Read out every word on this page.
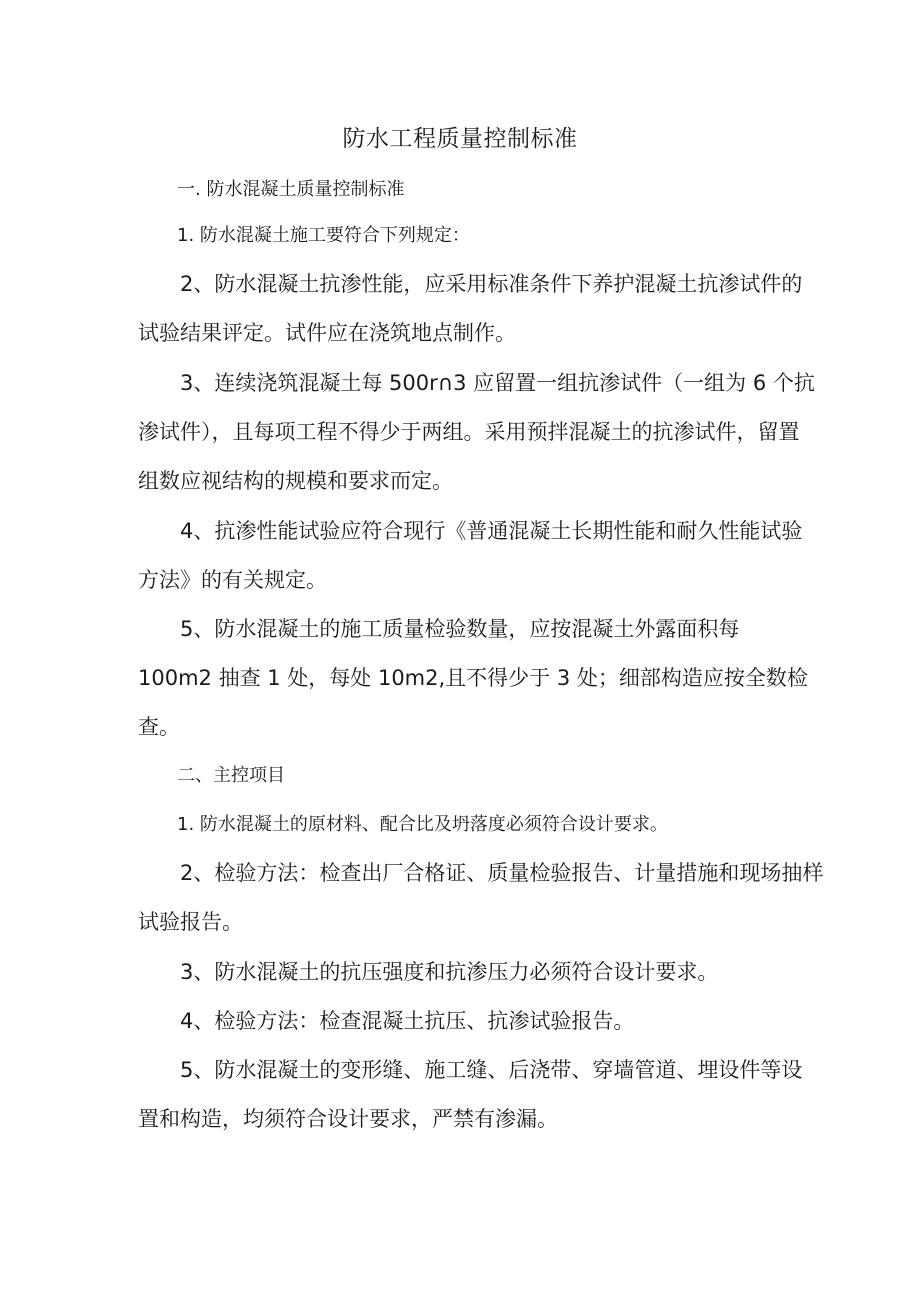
防水工程质量控制标准
一. 防水混凝土质量控制标准
1. 防水混凝土施工要符合下列规定：
2、防水混凝土抗渗性能，应采用标准条件下养护混凝土抗渗试件的
试验结果评定。试件应在浇筑地点制作。
3、连续浇筑混凝土每 500r∩3 应留置一组抗渗试件（一组为 6 个抗
渗试件），且每项工程不得少于两组。采用预拌混凝土的抗渗试件，留置
组数应视结构的规模和要求而定。
4、抗渗性能试验应符合现行《普通混凝土长期性能和耐久性能试验
方法》的有关规定。
5、防水混凝土的施工质量检验数量，应按混凝土外露面积每
100m2 抽查 1 处，每处 10m2,且不得少于 3 处；细部构造应按全数检
查。
二、主控项目
1. 防水混凝土的原材料、配合比及坍落度必须符合设计要求。
2、检验方法：检查出厂合格证、质量检验报告、计量措施和现场抽样
试验报告。
3、防水混凝土的抗压强度和抗渗压力必须符合设计要求。
4、检验方法：检查混凝土抗压、抗渗试验报告。
5、防水混凝土的变形缝、施工缝、后浇带、穿墙管道、埋设件等设
置和构造，均须符合设计要求，严禁有渗漏。
